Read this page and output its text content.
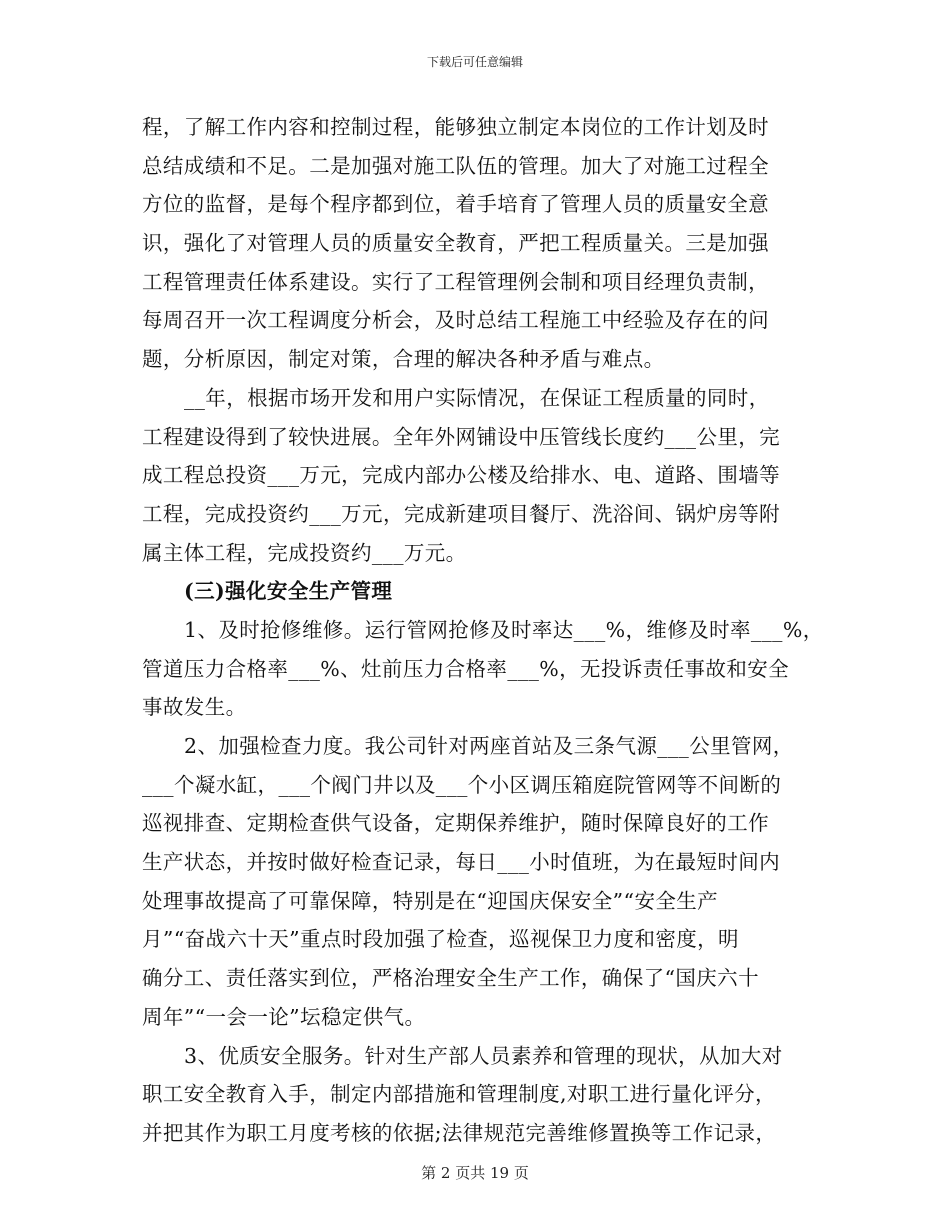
下载后可任意编辑
程，了解工作内容和控制过程，能够独立制定本岗位的工作计划及时
总结成绩和不足。二是加强对施工队伍的管理。加大了对施工过程全
方位的监督，是每个程序都到位，着手培育了管理人员的质量安全意
识，强化了对管理人员的质量安全教育，严把工程质量关。三是加强
工程管理责任体系建设。实行了工程管理例会制和项目经理负责制，
每周召开一次工程调度分析会，及时总结工程施工中经验及存在的问
题，分析原因，制定对策，合理的解决各种矛盾与难点。
__年，根据市场开发和用户实际情况，在保证工程质量的同时，
工程建设得到了较快进展。全年外网铺设中压管线长度约___公里，完
成工程总投资___万元，完成内部办公楼及给排水、电、道路、围墙等
工程，完成投资约___万元，完成新建项目餐厅、洗浴间、锅炉房等附
属主体工程，完成投资约___万元。
(三)强化安全生产管理
1、及时抢修维修。运行管网抢修及时率达___%，维修及时率___%，
管道压力合格率___%、灶前压力合格率___%，无投诉责任事故和安全
事故发生。
2、加强检查力度。我公司针对两座首站及三条气源___公里管网，
___个凝水缸，___个阀门井以及___个小区调压箱庭院管网等不间断的
巡视排查、定期检查供气设备，定期保养维护，随时保障良好的工作
生产状态，并按时做好检查记录，每日___小时值班，为在最短时间内
处理事故提高了可靠保障，特别是在“迎国庆保安全”“安全生产
月”“奋战六十天”重点时段加强了检查，巡视保卫力度和密度，明
确分工、责任落实到位，严格治理安全生产工作，确保了“国庆六十
周年”“一会一论”坛稳定供气。
3、优质安全服务。针对生产部人员素养和管理的现状，从加大对
职工安全教育入手，制定内部措施和管理制度,对职工进行量化评分，
并把其作为职工月度考核的依据;法律规范完善维修置换等工作记录，
第 2 页共 19 页
